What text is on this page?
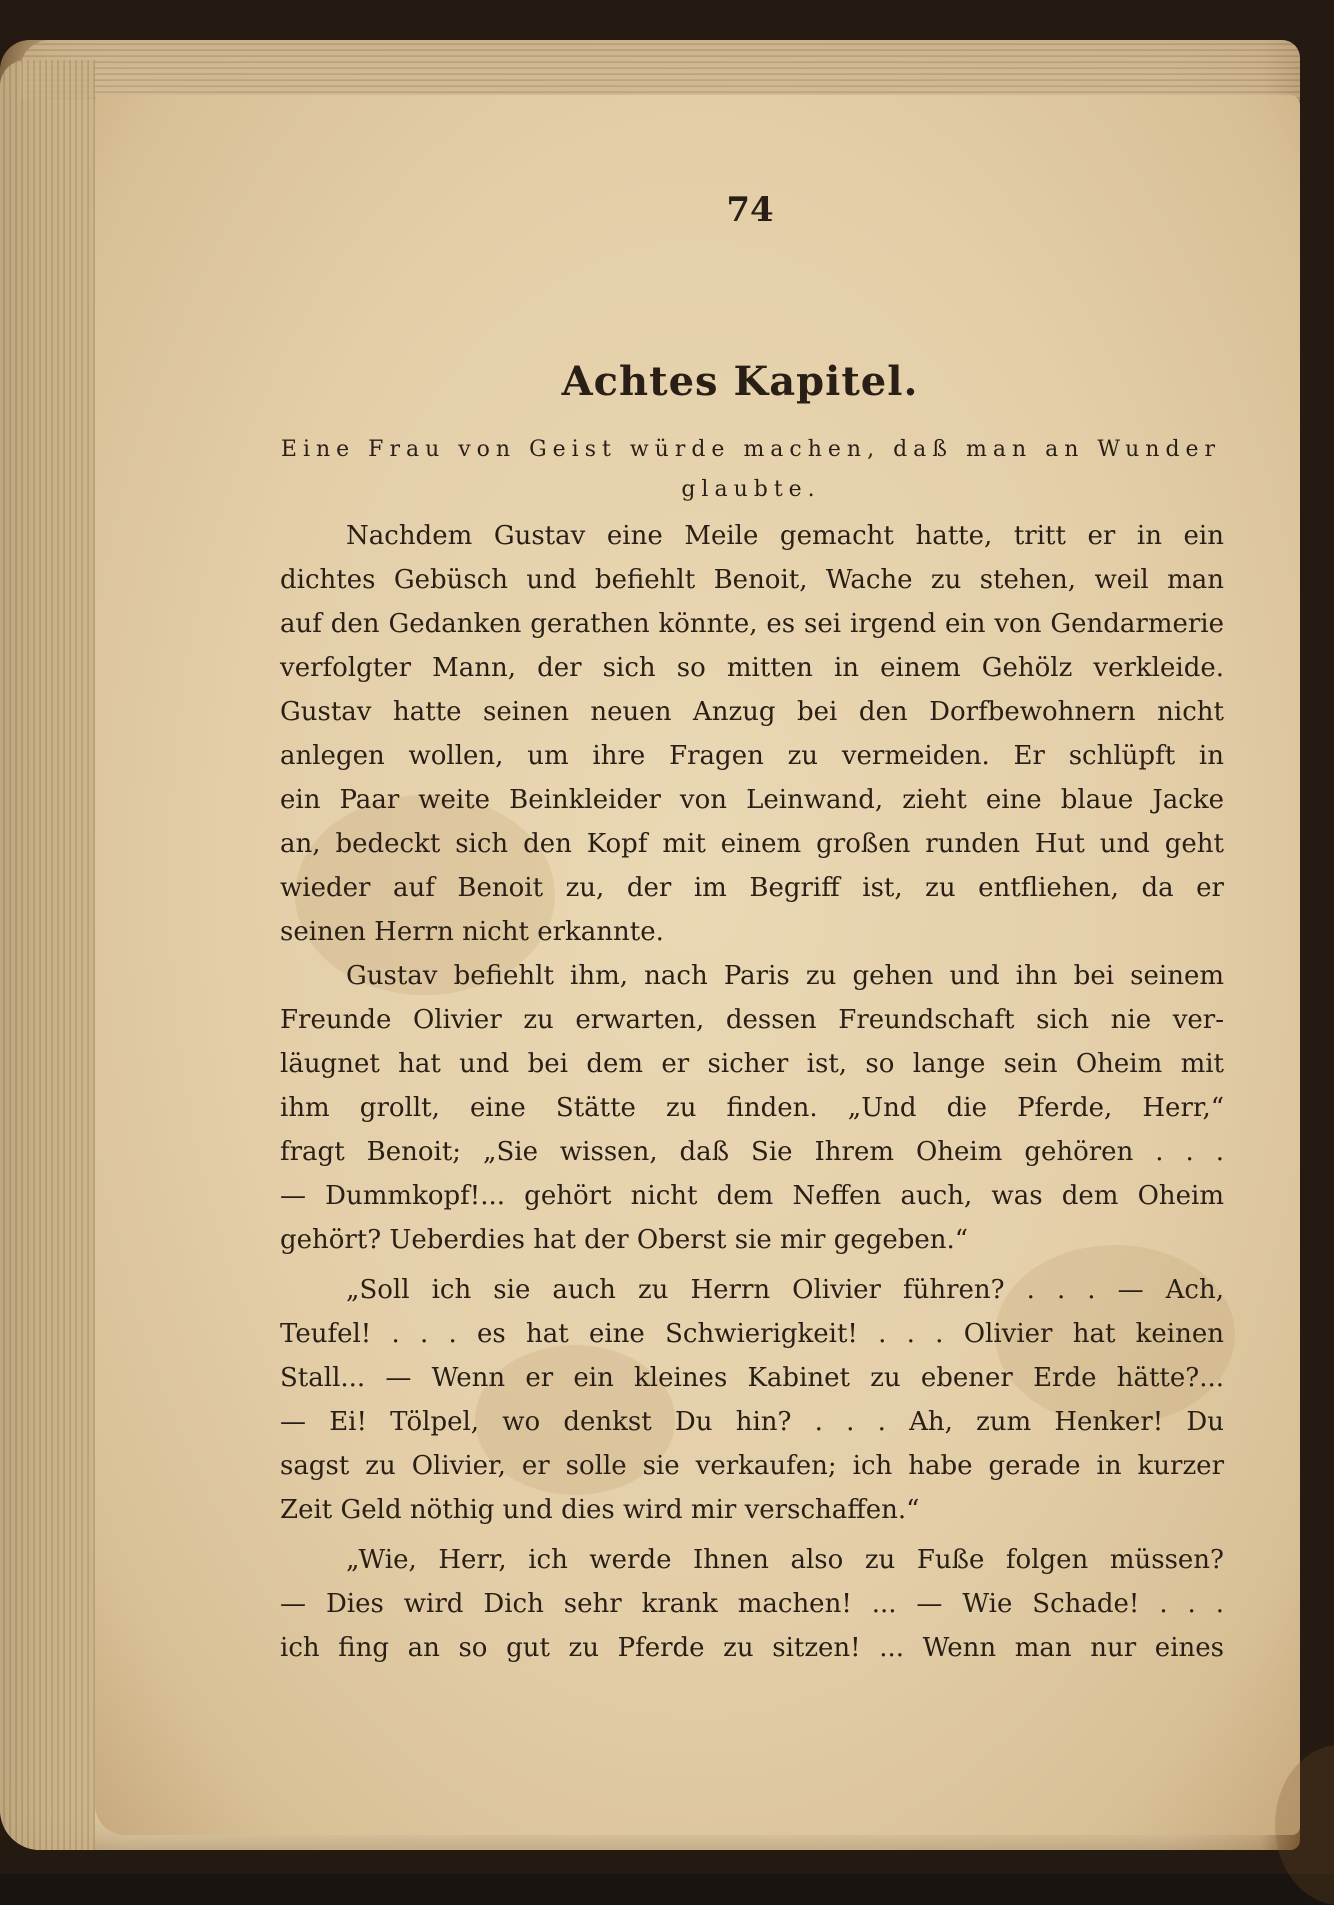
74
Achtes Kapitel.
Eine Frau von Geist würde machen, daß man an Wunder glaubte.
Nachdem Gustav eine Meile gemacht hatte, tritt er in ein
dichtes Gebüsch und befiehlt Benoit, Wache zu stehen, weil man
auf den Gedanken gerathen könnte, es sei irgend ein von Gendarmerie
verfolgter Mann, der sich so mitten in einem Gehölz verkleide.
Gustav hatte seinen neuen Anzug bei den Dorfbewohnern nicht
anlegen wollen, um ihre Fragen zu vermeiden. Er schlüpft in
ein Paar weite Beinkleider von Leinwand, zieht eine blaue Jacke
an, bedeckt sich den Kopf mit einem großen runden Hut und geht
wieder auf Benoit zu, der im Begriff ist, zu entfliehen, da er
seinen Herrn nicht erkannte.
Gustav befiehlt ihm, nach Paris zu gehen und ihn bei seinem
Freunde Olivier zu erwarten, dessen Freundschaft sich nie ver-
läugnet hat und bei dem er sicher ist, so lange sein Oheim mit
ihm grollt, eine Stätte zu finden. „Und die Pferde, Herr,“
fragt Benoit; „Sie wissen, daß Sie Ihrem Oheim gehören . . .
— Dummkopf!... gehört nicht dem Neffen auch, was dem Oheim
gehört? Ueberdies hat der Oberst sie mir gegeben.“
„Soll ich sie auch zu Herrn Olivier führen? . . . — Ach,
Teufel! . . . es hat eine Schwierigkeit! . . . Olivier hat keinen
Stall... — Wenn er ein kleines Kabinet zu ebener Erde hätte?...
— Ei! Tölpel, wo denkst Du hin? . . . Ah, zum Henker! Du
sagst zu Olivier, er solle sie verkaufen; ich habe gerade in kurzer
Zeit Geld nöthig und dies wird mir verschaffen.“
„Wie, Herr, ich werde Ihnen also zu Fuße folgen müssen?
— Dies wird Dich sehr krank machen! ... — Wie Schade! . . .
ich fing an so gut zu Pferde zu sitzen! ... Wenn man nur eines
